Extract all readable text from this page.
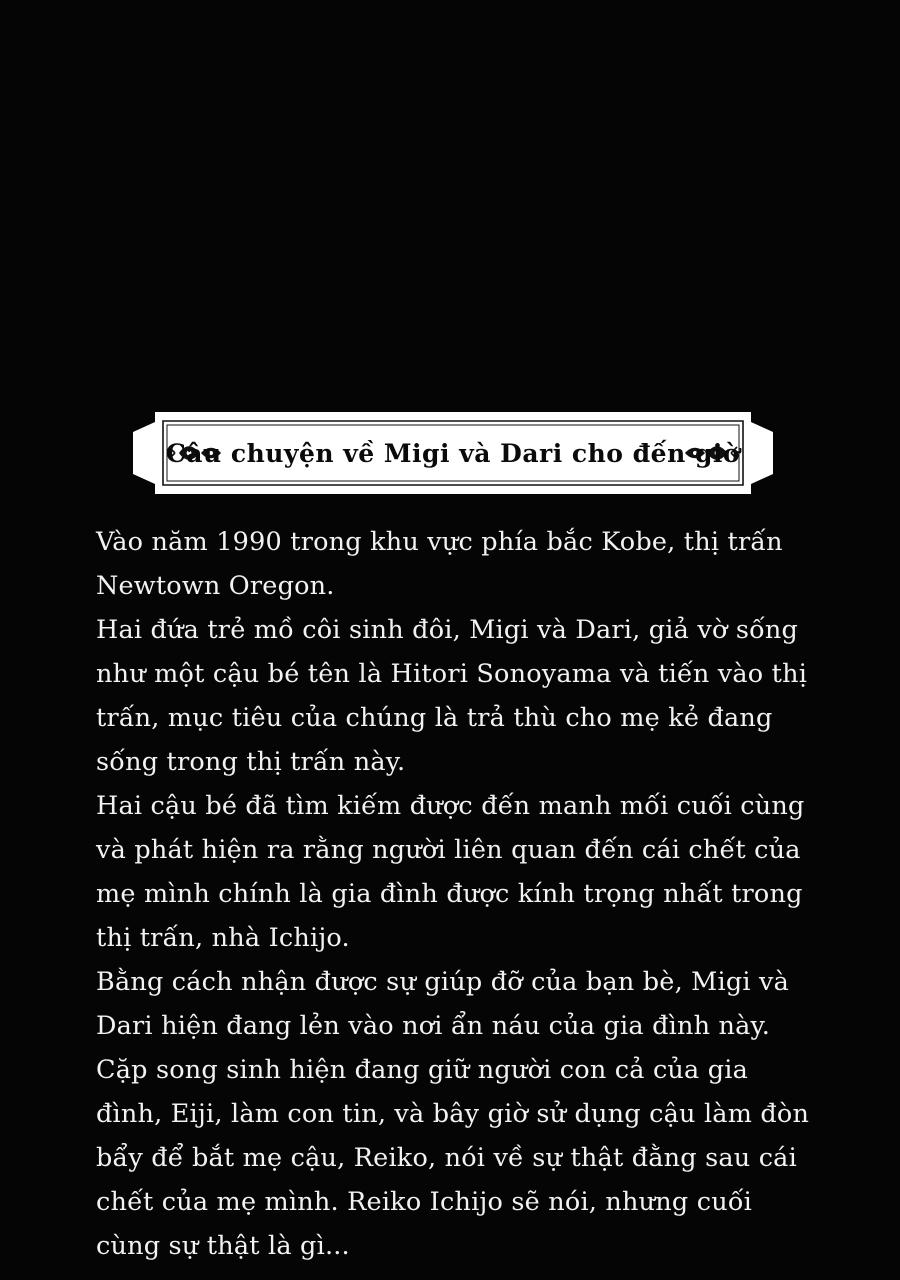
Câu chuyện về Migi và Dari cho đến giờ

Vào năm 1990 trong khu vực phía bắc Kobe, thị trấn Newtown Oregon.

Hai đứa trẻ mồ côi sinh đôi, Migi và Dari, giả vờ sống như một cậu bé tên là Hitori Sonoyama và tiến vào thị trấn, mục tiêu của chúng là trả thù cho mẹ kẻ đang sống trong thị trấn này.

Hai cậu bé đã tìm kiếm được đến manh mối cuối cùng và phát hiện ra rằng người liên quan đến cái chết của mẹ mình chính là gia đình được kính trọng nhất trong thị trấn, nhà Ichijo.

Bằng cách nhận được sự giúp đỡ của bạn bè, Migi và Dari hiện đang lẻn vào nơi ẩn náu của gia đình này. Cặp song sinh hiện đang giữ người con cả của gia đình, Eiji, làm con tin, và bây giờ sử dụng cậu làm đòn bẩy để bắt mẹ cậu, Reiko, nói về sự thật đằng sau cái chết của mẹ mình. Reiko Ichijo sẽ nói, nhưng cuối cùng sự thật là gì...
